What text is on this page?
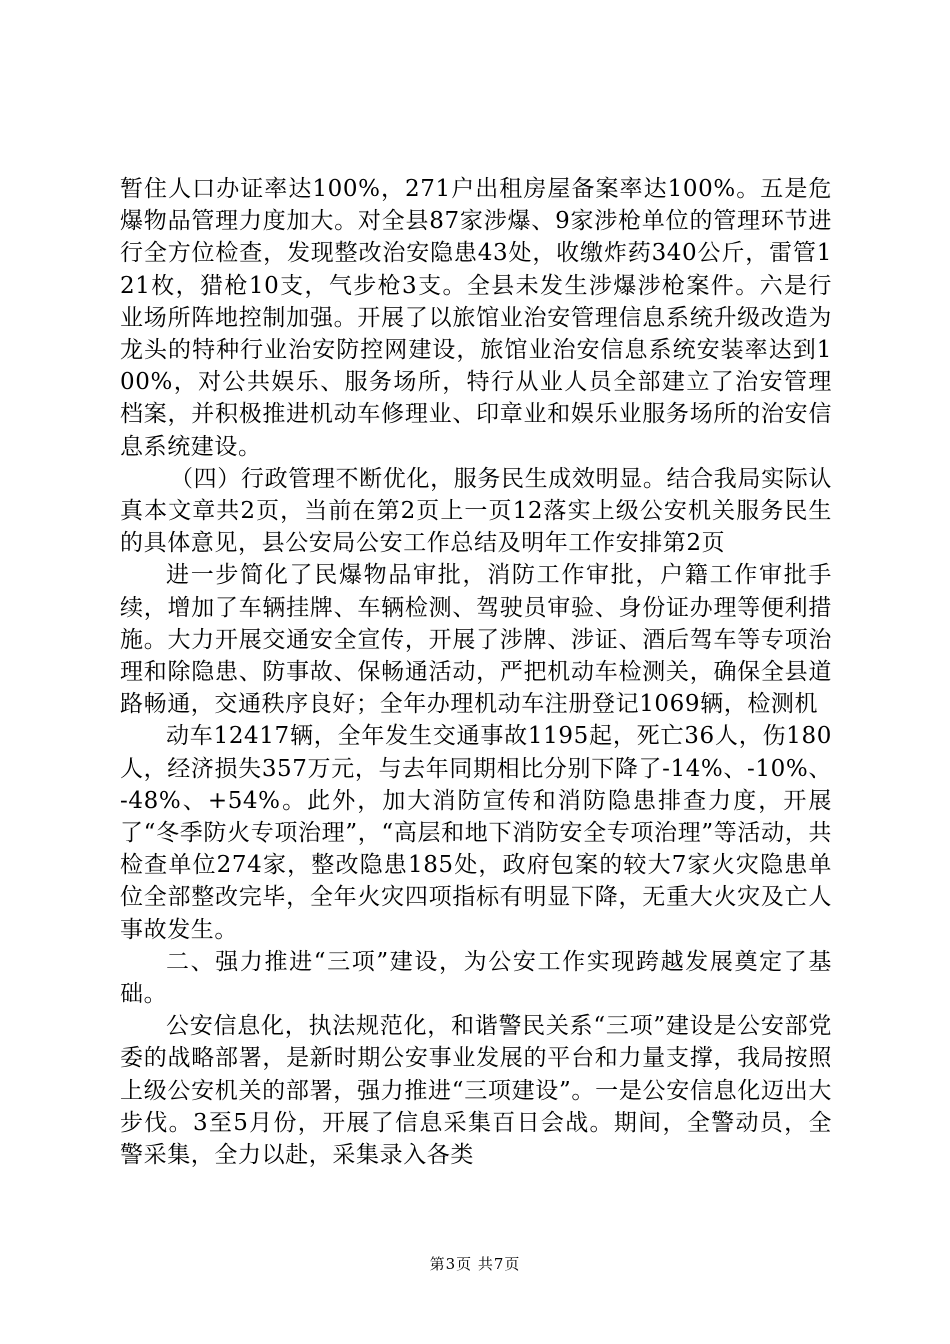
暂住人口办证率达100%，271户出租房屋备案率达100%。五是危爆物品管理力度加大。对全县87家涉爆、9家涉枪单位的管理环节进行全方位检查，发现整改治安隐患43处，收缴炸药340公斤，雷管121枚，猎枪10支，气步枪3支。全县未发生涉爆涉枪案件。六是行业场所阵地控制加强。开展了以旅馆业治安管理信息系统升级改造为龙头的特种行业治安防控网建设，旅馆业治安信息系统安装率达到100%，对公共娱乐、服务场所，特行从业人员全部建立了治安管理档案，并积极推进机动车修理业、印章业和娱乐业服务场所的治安信息系统建设。

（四）行政管理不断优化，服务民生成效明显。结合我局实际认真本文章共2页，当前在第2页上一页12落实上级公安机关服务民生的具体意见，县公安局公安工作总结及明年工作安排第2页

进一步简化了民爆物品审批，消防工作审批，户籍工作审批手续，增加了车辆挂牌、车辆检测、驾驶员审验、身份证办理等便利措施。大力开展交通安全宣传，开展了涉牌、涉证、酒后驾车等专项治理和除隐患、防事故、保畅通活动，严把机动车检测关，确保全县道路畅通，交通秩序良好；全年办理机动车注册登记1069辆，检测机

动车12417辆，全年发生交通事故1195起，死亡36人，伤180人，经济损失357万元，与去年同期相比分别下降了-14%、-10%、-48%、+54%。此外，加大消防宣传和消防隐患排查力度，开展了“冬季防火专项治理”，“高层和地下消防安全专项治理”等活动，共检查单位274家，整改隐患185处，政府包案的较大7家火灾隐患单位全部整改完毕，全年火灾四项指标有明显下降，无重大火灾及亡人事故发生。

二、强力推进“三项”建设，为公安工作实现跨越发展奠定了基础。

公安信息化，执法规范化，和谐警民关系“三项”建设是公安部党委的战略部署，是新时期公安事业发展的平台和力量支撑，我局按照上级公安机关的部署，强力推进“三项建设”。一是公安信息化迈出大步伐。3至5月份，开展了信息采集百日会战。期间，全警动员，全警采集，全力以赴，采集录入各类

第3页 共7页
